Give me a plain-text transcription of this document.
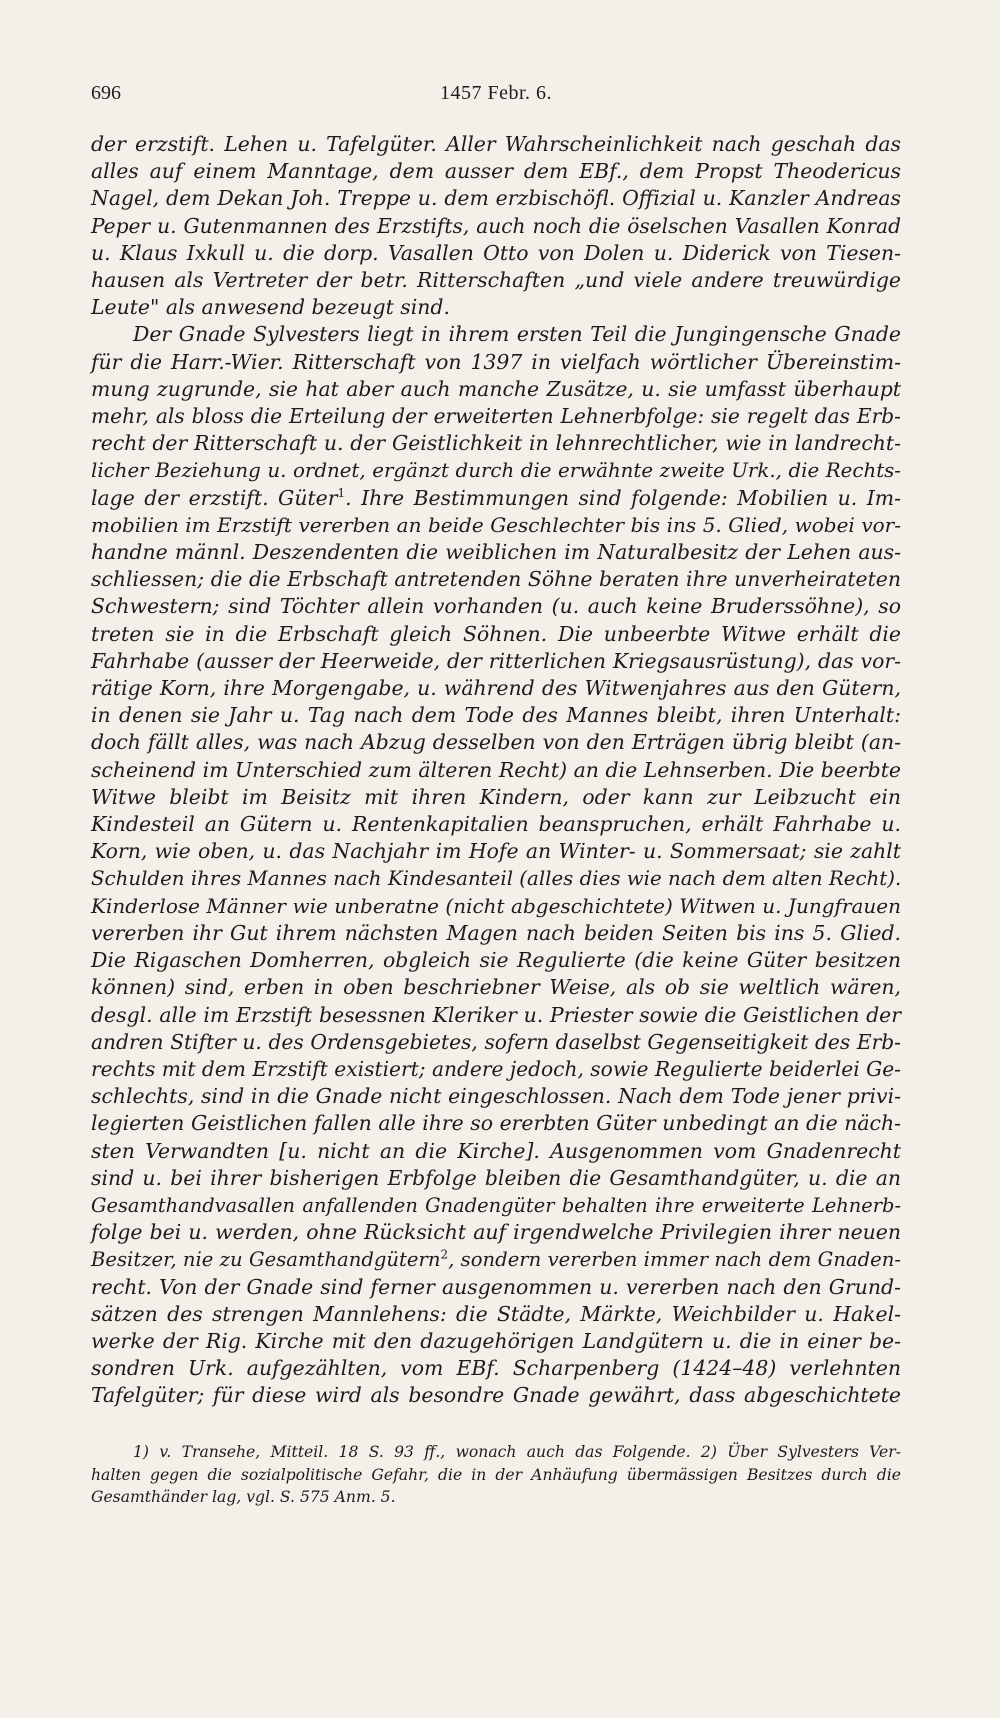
696	1457 Febr. 6.
der erzstift. Lehen u. Tafelgüter. Aller Wahrscheinlichkeit nach geschah das
alles auf einem Manntage, dem ausser dem EBf., dem Propst Theodericus
Nagel, dem Dekan Joh. Treppe u. dem erzbischöfl. Offizial u. Kanzler Andreas
Peper u. Gutenmannen des Erzstifts, auch noch die öselschen Vasallen Konrad
u. Klaus Ixkull u. die dorp. Vasallen Otto von Dolen u. Diderick von Tiesen-
hausen als Vertreter der betr. Ritterschaften „und viele andere treuwürdige
Leute" als anwesend bezeugt sind.
Der Gnade Sylvesters liegt in ihrem ersten Teil die Jungingensche Gnade
für die Harr.-Wier. Ritterschaft von 1397 in vielfach wörtlicher Übereinstim-
mung zugrunde, sie hat aber auch manche Zusätze, u. sie umfasst überhaupt
mehr, als bloss die Erteilung der erweiterten Lehnerbfolge: sie regelt das Erb-
recht der Ritterschaft u. der Geistlichkeit in lehnrechtlicher, wie in landrecht-
licher Beziehung u. ordnet, ergänzt durch die erwähnte zweite Urk., die Rechts-
lage der erzstift. Güter$^1$. Ihre Bestimmungen sind folgende: Mobilien u. Im-
mobilien im Erzstift vererben an beide Geschlechter bis ins 5. Glied, wobei vor-
handne männl. Deszendenten die weiblichen im Naturalbesitz der Lehen aus-
schliessen; die die Erbschaft antretenden Söhne beraten ihre unverheirateten
Schwestern; sind Töchter allein vorhanden (u. auch keine Bruderssöhne), so
treten sie in die Erbschaft gleich Söhnen. Die unbeerbte Witwe erhält die
Fahrhabe (ausser der Heerweide, der ritterlichen Kriegsausrüstung), das vor-
rätige Korn, ihre Morgengabe, u. während des Witwenjahres aus den Gütern,
in denen sie Jahr u. Tag nach dem Tode des Mannes bleibt, ihren Unterhalt:
doch fällt alles, was nach Abzug desselben von den Erträgen übrig bleibt (an-
scheinend im Unterschied zum älteren Recht) an die Lehnserben. Die beerbte
Witwe bleibt im Beisitz mit ihren Kindern, oder kann zur Leibzucht ein
Kindesteil an Gütern u. Rentenkapitalien beanspruchen, erhält Fahrhabe u.
Korn, wie oben, u. das Nachjahr im Hofe an Winter- u. Sommersaat; sie zahlt
Schulden ihres Mannes nach Kindesanteil (alles dies wie nach dem alten Recht).
Kinderlose Männer wie unberatne (nicht abgeschichtete) Witwen u. Jungfrauen
vererben ihr Gut ihrem nächsten Magen nach beiden Seiten bis ins 5. Glied.
Die Rigaschen Domherren, obgleich sie Regulierte (die keine Güter besitzen
können) sind, erben in oben beschriebner Weise, als ob sie weltlich wären,
desgl. alle im Erzstift besessnen Kleriker u. Priester sowie die Geistlichen der
andren Stifter u. des Ordensgebietes, sofern daselbst Gegenseitigkeit des Erb-
rechts mit dem Erzstift existiert; andere jedoch, sowie Regulierte beiderlei Ge-
schlechts, sind in die Gnade nicht eingeschlossen. Nach dem Tode jener privi-
legierten Geistlichen fallen alle ihre so ererbten Güter unbedingt an die näch-
sten Verwandten [u. nicht an die Kirche]. Ausgenommen vom Gnadenrecht
sind u. bei ihrer bisherigen Erbfolge bleiben die Gesamthandgüter, u. die an
Gesamthandvasallen anfallenden Gnadengüter behalten ihre erweiterte Lehnerb-
folge bei u. werden, ohne Rücksicht auf irgendwelche Privilegien ihrer neuen
Besitzer, nie zu Gesamthandgütern$^2$, sondern vererben immer nach dem Gnaden-
recht. Von der Gnade sind ferner ausgenommen u. vererben nach den Grund-
sätzen des strengen Mannlehens: die Städte, Märkte, Weichbilder u. Hakel-
werke der Rig. Kirche mit den dazugehörigen Landgütern u. die in einer be-
sondren Urk. aufgezählten, vom EBf. Scharpenberg (1424–48) verlehnten
Tafelgüter; für diese wird als besondre Gnade gewährt, dass abgeschichtete
1) v. Transehe, Mitteil. 18 S. 93 ff., wonach auch das Folgende. 2) Über Sylvesters Ver-
halten gegen die sozialpolitische Gefahr, die in der Anhäufung übermässigen Besitzes durch die
Gesamthänder lag, vgl. S. 575 Anm. 5.
